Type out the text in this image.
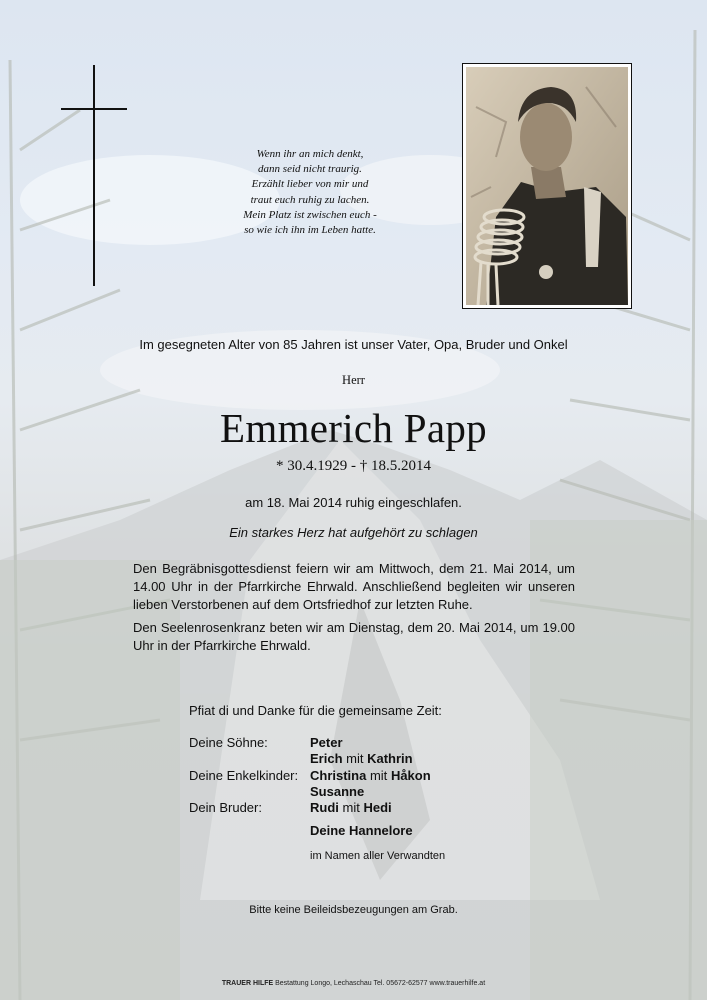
Wenn ihr an mich denkt,
dann seid nicht traurig.
Erzählt lieber von mir und
traut euch ruhig zu lachen.
Mein Platz ist zwischen euch -
so wie ich ihn im Leben hatte.
Im gesegneten Alter von 85 Jahren ist unser Vater, Opa, Bruder und Onkel
Herr
Emmerich Papp
* 30.4.1929 - † 18.5.2014
am 18. Mai 2014 ruhig eingeschlafen.
Ein starkes Herz hat aufgehört zu schlagen
Den Begräbnisgottesdienst feiern wir am Mittwoch, dem 21. Mai 2014, um 14.00 Uhr in der Pfarrkirche Ehrwald. Anschließend begleiten wir unseren lieben Verstorbenen auf dem Ortsfriedhof zur letzten Ruhe.
Den Seelenrosenkranz beten wir am Dienstag, dem 20. Mai 2014, um 19.00 Uhr in der Pfarrkirche Ehrwald.
Pfiat di und Danke für die gemeinsame Zeit:
Deine Söhne:	Peter
Erich mit Kathrin
Deine Enkelkinder: Christina mit Håkon
Susanne
Dein Bruder:	Rudi mit Hedi
Deine Hannelore
im Namen aller Verwandten
Bitte keine Beileidsbezeugungen am Grab.
TRAUER HILFE Bestattung Longo, Lechaschau Tel. 05672-62577 www.trauerhilfe.at
